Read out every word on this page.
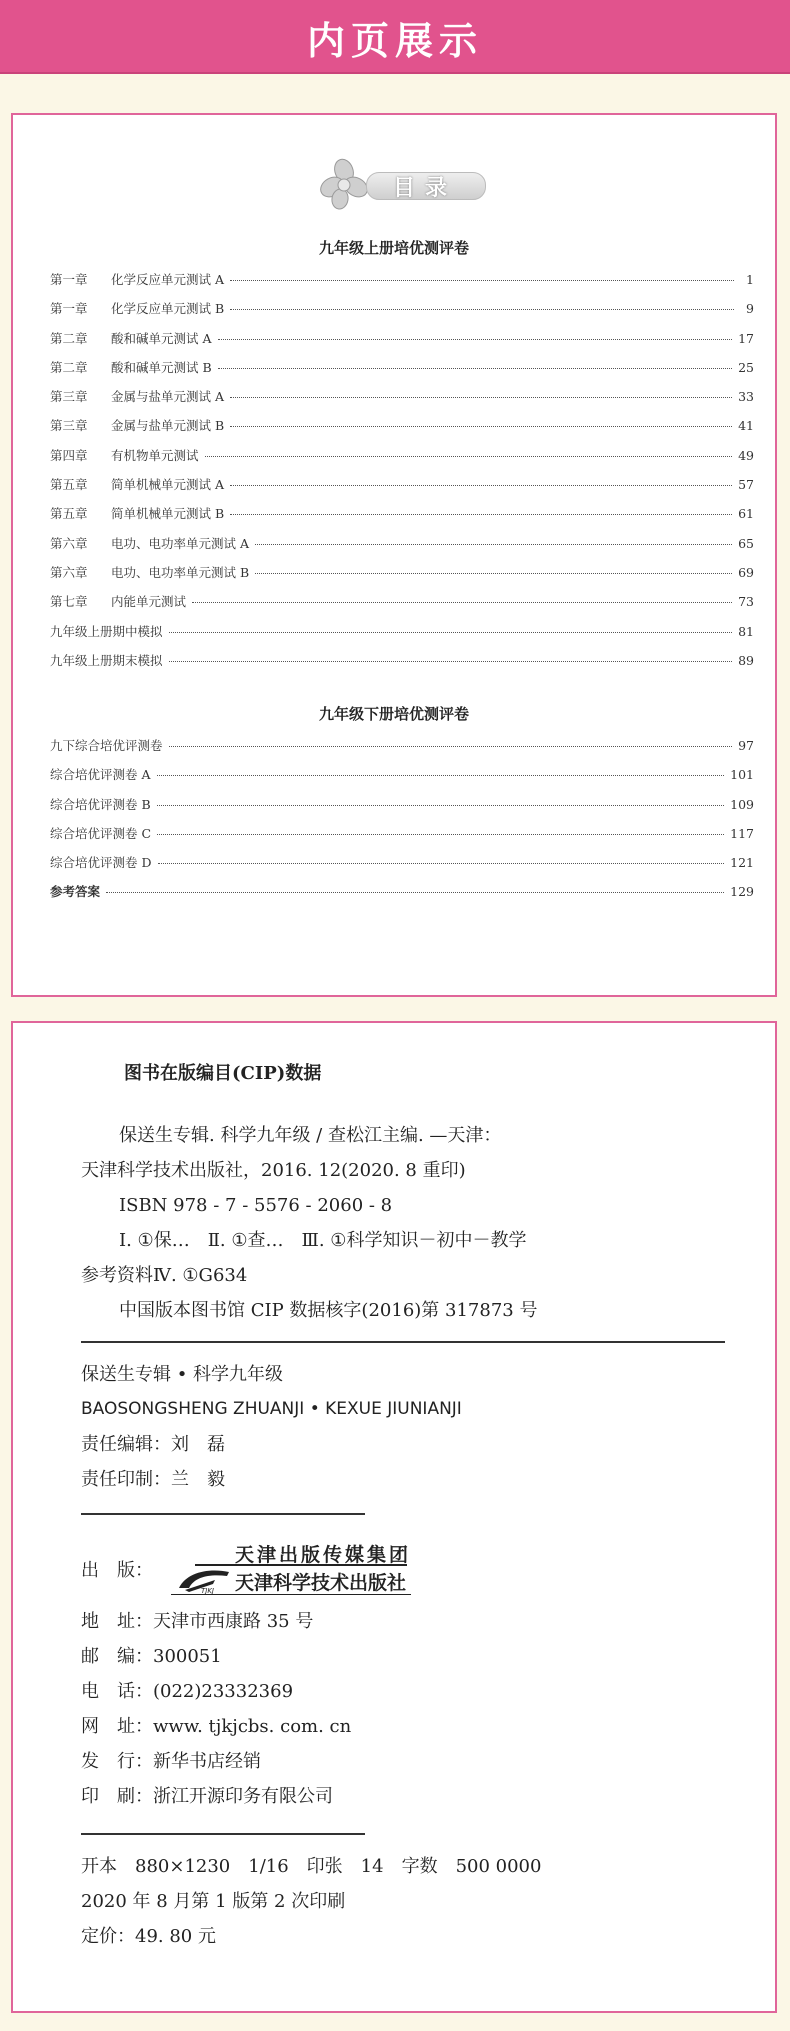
内页展示
目录
九年级上册培优测评卷
第一章	化学反应单元测试 A	1
第一章	化学反应单元测试 B	9
第二章	酸和碱单元测试 A	17
第二章	酸和碱单元测试 B	25
第三章	金属与盐单元测试 A	33
第三章	金属与盐单元测试 B	41
第四章	有机物单元测试	49
第五章	简单机械单元测试 A	57
第五章	简单机械单元测试 B	61
第六章	电功、电功率单元测试 A	65
第六章	电功、电功率单元测试 B	69
第七章	内能单元测试	73
九年级上册期中模拟	81
九年级上册期末模拟	89
九年级下册培优测评卷
九下综合培优评测卷	97
综合培优评测卷 A	101
综合培优评测卷 B	109
综合培优评测卷 C	117
综合培优评测卷 D	121
参考答案	129
图书在版编目(CIP)数据
保送生专辑. 科学九年级 / 查松江主编. —天津：
天津科学技术出版社，2016. 12(2020. 8 重印)
ISBN 978 - 7 - 5576 - 2060 - 8
Ⅰ. ①保…　Ⅱ. ①查…　Ⅲ. ①科学知识－初中－教学
参考资料Ⅳ. ①G634
中国版本图书馆 CIP 数据核字(2016)第 317873 号
保送生专辑 • 科学九年级
BAOSONGSHENG ZHUANJI • KEXUE JIUNIANJI
责任编辑：刘　磊
责任印制：兰　毅
出　版：
天津出版传媒集团
TJKJ 天津科学技术出版社
地　址：天津市西康路 35 号
邮　编：300051
电　话：(022)23332369
网　址：www. tjkjcbs. com. cn
发　行：新华书店经销
印　刷：浙江开源印务有限公司
开本　880×1230　1/16　印张　14　字数　500 0000
2020 年 8 月第 1 版第 2 次印刷
定价：49. 80 元
